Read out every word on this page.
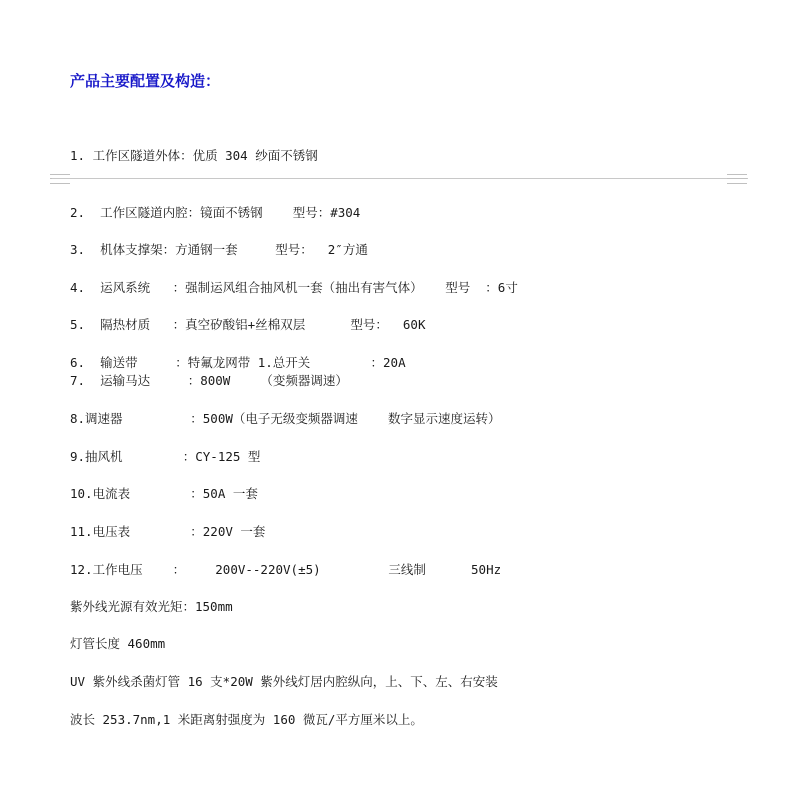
产品主要配置及构造：
1. 工作区隧道外体：优质 304 纱面不锈钢
2.  工作区隧道内腔：镜面不锈钢    型号：#304
3.  机体支撑架：方通钢一套     型号：  2″方通
4.  运风系统   ：强制运风组合抽风机一套（抽出有害气体）   型号  ：6寸
5.  隔热材质   ：真空矽酸铝+丝棉双层      型号：  60K
6.  输送带     ：特氟龙网带 1.总开关        ：20A
7.  运输马达     ：800W    （变频器调速）
8.调速器         ：500W（电子无级变频器调速    数字显示速度运转）
9.抽风机        ：CY-125 型
10.电流表        ：50A 一套
11.电压表        ：220V 一套
12.工作电压    ：    200V--220V(±5)         三线制      50Hz
紫外线光源有效光矩：150mm
灯管长度 460mm
UV 紫外线杀菌灯管 16 支*20W 紫外线灯居内腔纵向，上、下、左、右安装
波长 253.7nm,1 米距离射强度为 160 微瓦/平方厘米以上。
